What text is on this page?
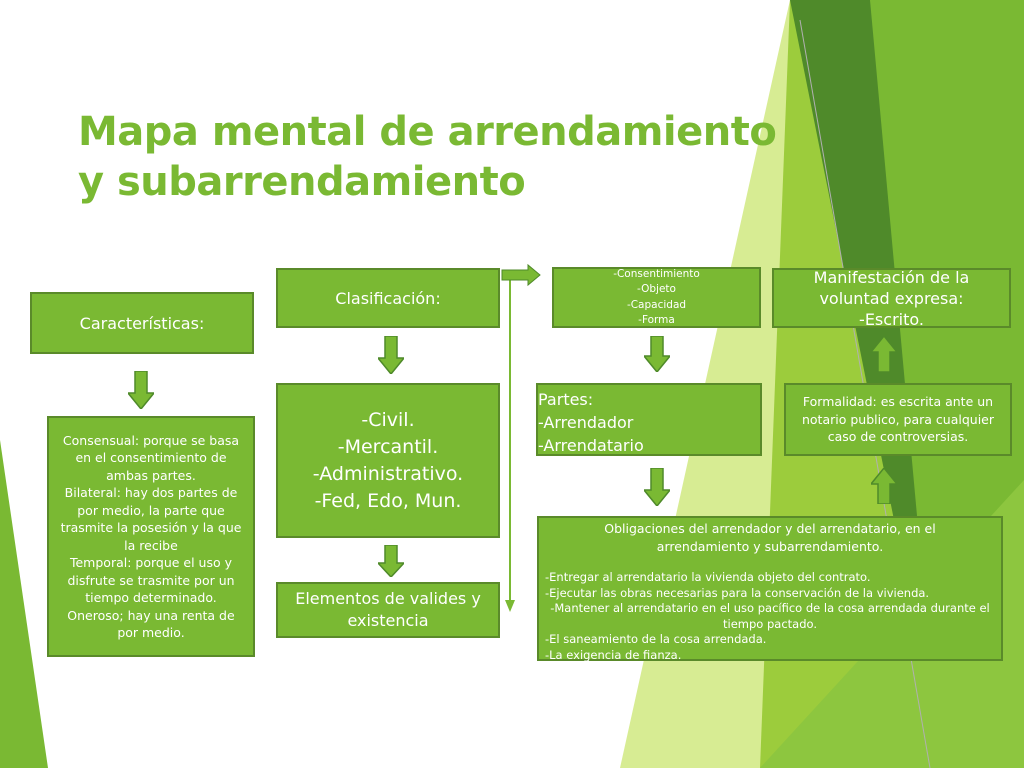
Mapa mental de arrendamiento y subarrendamiento
Características:
Consensual: porque se basa en el consentimiento de ambas partes.
Bilateral: hay dos partes de por medio, la parte que trasmite la posesión y la que la recibe
Temporal: porque el uso y disfrute se trasmite por un tiempo determinado.
Oneroso; hay una renta de por medio.
Clasificación:
-Civil.
-Mercantil.
-Administrativo.
-Fed, Edo, Mun.
Elementos de valides y existencia
-Consentimiento
-Objeto
-Capacidad
-Forma
Partes:
-Arrendador
-Arrendatario
Obligaciones del arrendador y del arrendatario, en el arrendamiento y subarrendamiento.
-Entregar al arrendatario la vivienda objeto del contrato.
-Ejecutar las obras necesarias para la conservación de la vivienda.
-Mantener al arrendatario en el uso pacífico de la cosa arrendada durante el tiempo pactado.
-El saneamiento de la cosa arrendada.
-La exigencia de fianza.
Manifestación de la voluntad expresa:
-Escrito.
Formalidad: es escrita ante un notario publico, para cualquier caso de controversias.
